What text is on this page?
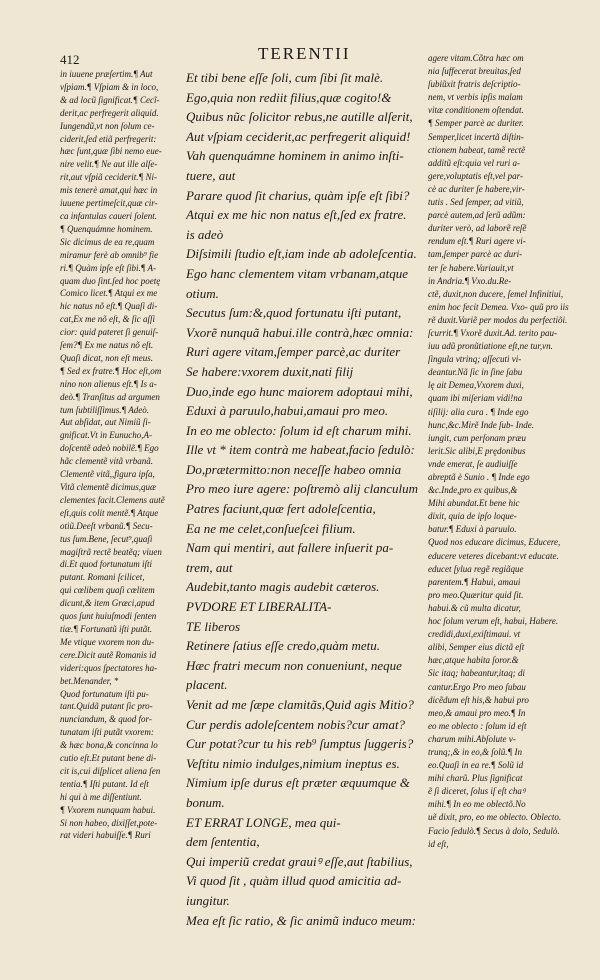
412	TERENTII
in iuuene præſertim.¶ Aut
vſpiam.¶ Vſpiam & in loco,
& ad locũ ſignificat.¶ Cecĩ-
derit,ac perfregerit aliquid.
Iungendũ,vt non ſolum ce-
ciderit,ſed etiã perfregerit:
hæc ſunt,quæ ſibi nemo eue-
nire velit.¶ Ne aut ille alſe-
rit,aut vſpiã ceciderit.¶ Ni-
mis tenerè amat,qui hæc in
iuuene pertimeſcit,quæ cir-
ca infantulas caueri ſolent.
¶ Quenquámne hominem.
Sic dicimus de ea re,quam
miramur ferè ab omnib⁹ fie
ri.¶ Quàm ipſe eſt ſibi.¶ A-
quam duo ſint.ſed hoc poetę
Comico licet.¶ Atqui ex me
hic natus nõ eſt.¶ Quaſi di-
cat,Ex me nõ eſt, & ſic aſſi
cior: quid pateret ſi genuiſ-
ſem?¶ Ex me natus nõ eſt.
Quaſi dicat, non eſt meus.
¶ Sed ex fratre.¶ Hoc eſt,om
nino non alienus eſt.¶ Is a-
deò.¶ Tranſitus ad argumen
tum ſubtiliſſimus.¶ Adeò.
Aut abſidat, aut Nimiũ ſi-
gnificat.Vt in Eunucho,A-
doſcentẽ adeò nobilẽ.¶ Ego
hãc clementẽ vitã vrbanã.
Clementẽ vitã,,figura ipſa,
Vitã clementẽ dicimus,quæ
clementes facit.Clemens autẽ
eſt,quis colit mentẽ.¶ Atque
otiũ.Deeſt vrbanũ.¶ Secu-
tus ſum.Bene, ſecut⁹,quaſi
magiſtrã rectẽ beatẽq; viuen
di.Et quod fortunatum iſti
putant. Romani ſcilicet,
qui cœlibem quaſi cœlitem
dicunt,& item Græci,apud
quos ſunt huiuſmodi ſenten
tiæ.¶ Fortunatũ iſti putãt.
Me vtique vxorem non du-
cere.Dicit autẽ Romanis id
videri:quos ſpectatores ha-
bet.Menander, *
Quod fortunatum iſti pu-
tant.Quidã putant ſic pro-
nunciandum, & quod for-
tunatam iſti putãt vxorem:
& hæc bona,& concinna lo
cutio eſt.Et putant bene di-
cit is,cui diſplicet aliena ſen
tentia.¶ Iſti putant. Id eſt
hi qui à me diſſentiunt.
¶ Vxorem nunquam habui.
Si non habeo, dixiſſet,pote-
rat videri habuiſſe.¶ Ruri
Et tibi bene eſſe ſoli, cum ſibi ſit malè.
Ego,quia non rediit filius,quæ cogito!&
Quibus nũc ſolicitor rebus,ne autille alſerit,
Aut vſpiam ceciderit,ac perfregerit aliquid!
Vah quenquámne hominem in animo inſti-
tuere, aut
Parare quod ſit charius, quàm ipſe eſt ſibi?
Atqui ex me hic non natus eſt,ſed ex fratre.
is adeò
Diſsimili ſtudio eſt,iam inde ab adoleſcentia.
Ego hanc clementem vitam vrbanam,atque
otium.
Secutus ſum:&,quod fortunatu iſti putant,
Vxorẽ nunquã habui.ille contrà,hæc omnia:
Ruri agere vitam,ſemper parcè,ac duriter
Se habere:vxorem duxit,nati filij
Duo,inde ego hunc maiorem adoptaui mihi,
Eduxi à paruulo,habui,amaui pro meo.
In eo me oblecto: ſolum id eſt charum mihi.
Ille vt * item contrà me habeat,facio ſedulò:
Do,prætermitto:non neceſſe habeo omnia
Pro meo iure agere: poſtremò alij clanculum
Patres faciunt,quæ fert adoleſcentia,
Ea ne me celet,conſueſcei filium.
Nam qui mentiri, aut fallere inſuerit pa-
trem, aut
Audebit,tanto magis audebit cæteros.
PVDORE ET LIBERALITA-
TE liberos
Retinere ſatius eſſe credo,quàm metu.
Hæc fratri mecum non conueniunt, neque
placent.
Venit ad me ſæpe clamitãs,Quid agis Mitio?
Cur perdis adoleſcentem nobis?cur amat?
Cur potat?cur tu his reb⁹ ſumptus ſuggeris?
Veſtitu nimio indulges,nimium ineptus es.
Nimium ipſe durus eſt præter æquumque &
bonum.
ET ERRAT LONGE, mea qui-
dem ſententia,
Qui imperiũ credat grauiꝰ eſſe,aut ſtabilius,
Vi quod ſit , quàm illud quod amicitia ad-
iungitur.
Mea eſt ſic ratio, & ſic animũ induco meum:
agere vitam.Cõtra hæc om
nia ſuffecerat breuitas,ſed
ſubiũxit fratris deſcriptio-
nem, vt verbis ipſis malam
vitæ conditionem oſtendat.
¶ Semper parcè ac duriter.
Semper,licet incertã diſtin-
ctionem habeat, tamẽ rectẽ
additũ eſt:quia vel ruri a-
gere,voluptatis eſt,vel par-
cè ac duriter ſe habere,vir-
tutis . Sed ſemper, ad vitiũ,
parcè autem,ad ſerũ adũm:
duriter verò, ad laborẽ reſẽ
rendum eſt.¶ Ruri agere vi-
tam,ſemper parcè ac duri-
ter ſe habere.Variauit,vt
in Andria.¶ Vxo.du.Re-
ctẽ, duxit,non ducere, ſemel Infinitiui,
enim hoc fecit Demea. Vxo- quũ pro iis
rẽ duxit.Variẽ per modos du perfectiõi.
ſcurrit.¶ Vxorẽ duxit.Ad. terito pau-
iuu adũ pronũtiatione eſt,ne tur,vn.
ſingula vtrinq; aſſecuti vi-
deantur.Nã ſic in ſine ſabu
lę ait Demea,Vxorem duxi,
quam ibi miſeriam vidi!na
tiſilij: alia cura . ¶ Inde ego
hunc,&c.Mirẽ Inde ſub- Inde.
iungit, cum perſonam præu
lerit.Sic alibi,E prędonibus
vnde emerat, ſe audiuiſſe
abreptã è Sunio . ¶ Inde ego
&c.Inde,pro ex quibus,&
Mihi abundat.Et bene hic
dixit, quia de ipſo loque-
batur.¶ Eduxi à paruulo.
Quod nos educare dicimus, Educere,
educere veteres dicebant:vt educate.
educet ſylua regẽ regiãque
parentem.¶ Habui, amaui
pro meo.Quæritur quid ſit.
habui.& cũ multa dicatur,
hoc ſolum verum eſt, habui, Habere.
credidi,duxi,exiſtimaui. vt
alibi, Semper eius dictã eſt
hæc,atque habita ſoror.&
Sic itaq; habeantur,itaq; di
cantur.Ergo Pro meo ſubau
dicẽdum eſt his,& habui pro
meo,& amaui pro meo.¶ In
eo me oblecto : ſolum id eſt
charum mihi.Abſolute v-
trunq;,& in eo,& ſolũ.¶ In
eo.Quaſi in ea re.¶ Solũ id
mihi charũ. Plus ſignificat
ẽ ſi diceret, ſolus iſ eſt chaꝰ
mihi.¶ In eo me oblectõ.No
uẽ dixit, pro, eo me oblecto. Oblecto.
Facio ſedulò.¶ Secus à dolo, Sedulò.
id eſt,
